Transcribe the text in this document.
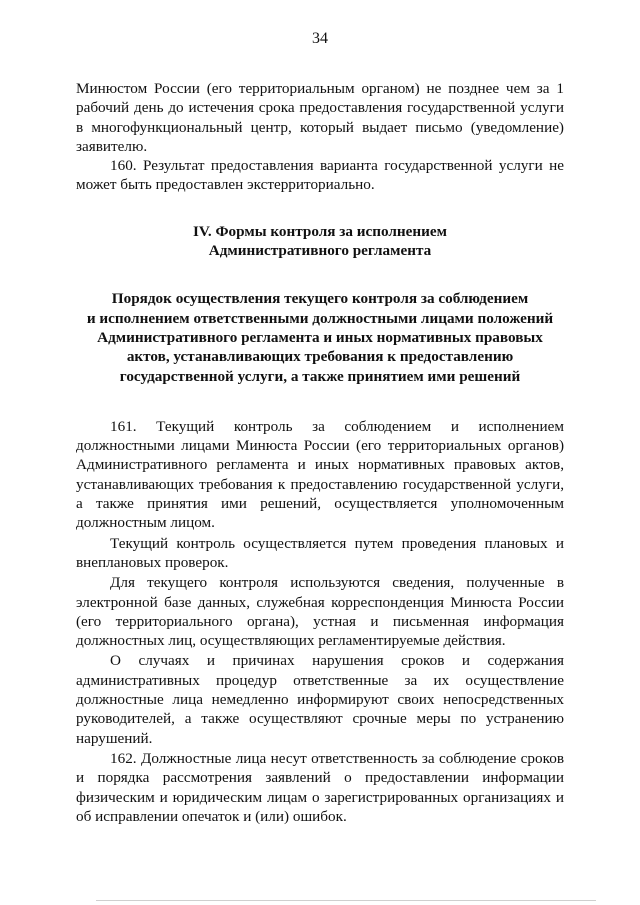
34

Минюстом России (его территориальным органом) не позднее чем за 1 рабочий день до истечения срока предоставления государственной услуги в многофункциональный центр, который выдает письмо (уведомление) заявителю.

160. Результат предоставления варианта государственной услуги не может быть предоставлен экстерриториально.

IV. Формы контроля за исполнением
Административного регламента
Порядок осуществления текущего контроля за соблюдением
и исполнением ответственными должностными лицами положений
Административного регламента и иных нормативных правовых
актов, устанавливающих требования к предоставлению
государственной услуги, а также принятием ими решений

161. Текущий контроль за соблюдением и исполнением должностными лицами Минюста России (его территориальных органов) Административного регламента и иных нормативных правовых актов, устанавливающих требования к предоставлению государственной услуги, а также принятия ими решений, осуществляется уполномоченным должностным лицом.

Текущий контроль осуществляется путем проведения плановых и внеплановых проверок.

Для текущего контроля используются сведения, полученные в электронной базе данных, служебная корреспонденция Минюста России (его территориального органа), устная и письменная информация должностных лиц, осуществляющих регламентируемые действия.

О случаях и причинах нарушения сроков и содержания административных процедур ответственные за их осуществление должностные лица немедленно информируют своих непосредственных руководителей, а также осуществляют срочные меры по устранению нарушений.

162. Должностные лица несут ответственность за соблюдение сроков и порядка рассмотрения заявлений о предоставлении информации физическим и юридическим лицам о зарегистрированных организациях и об исправлении опечаток и (или) ошибок.
